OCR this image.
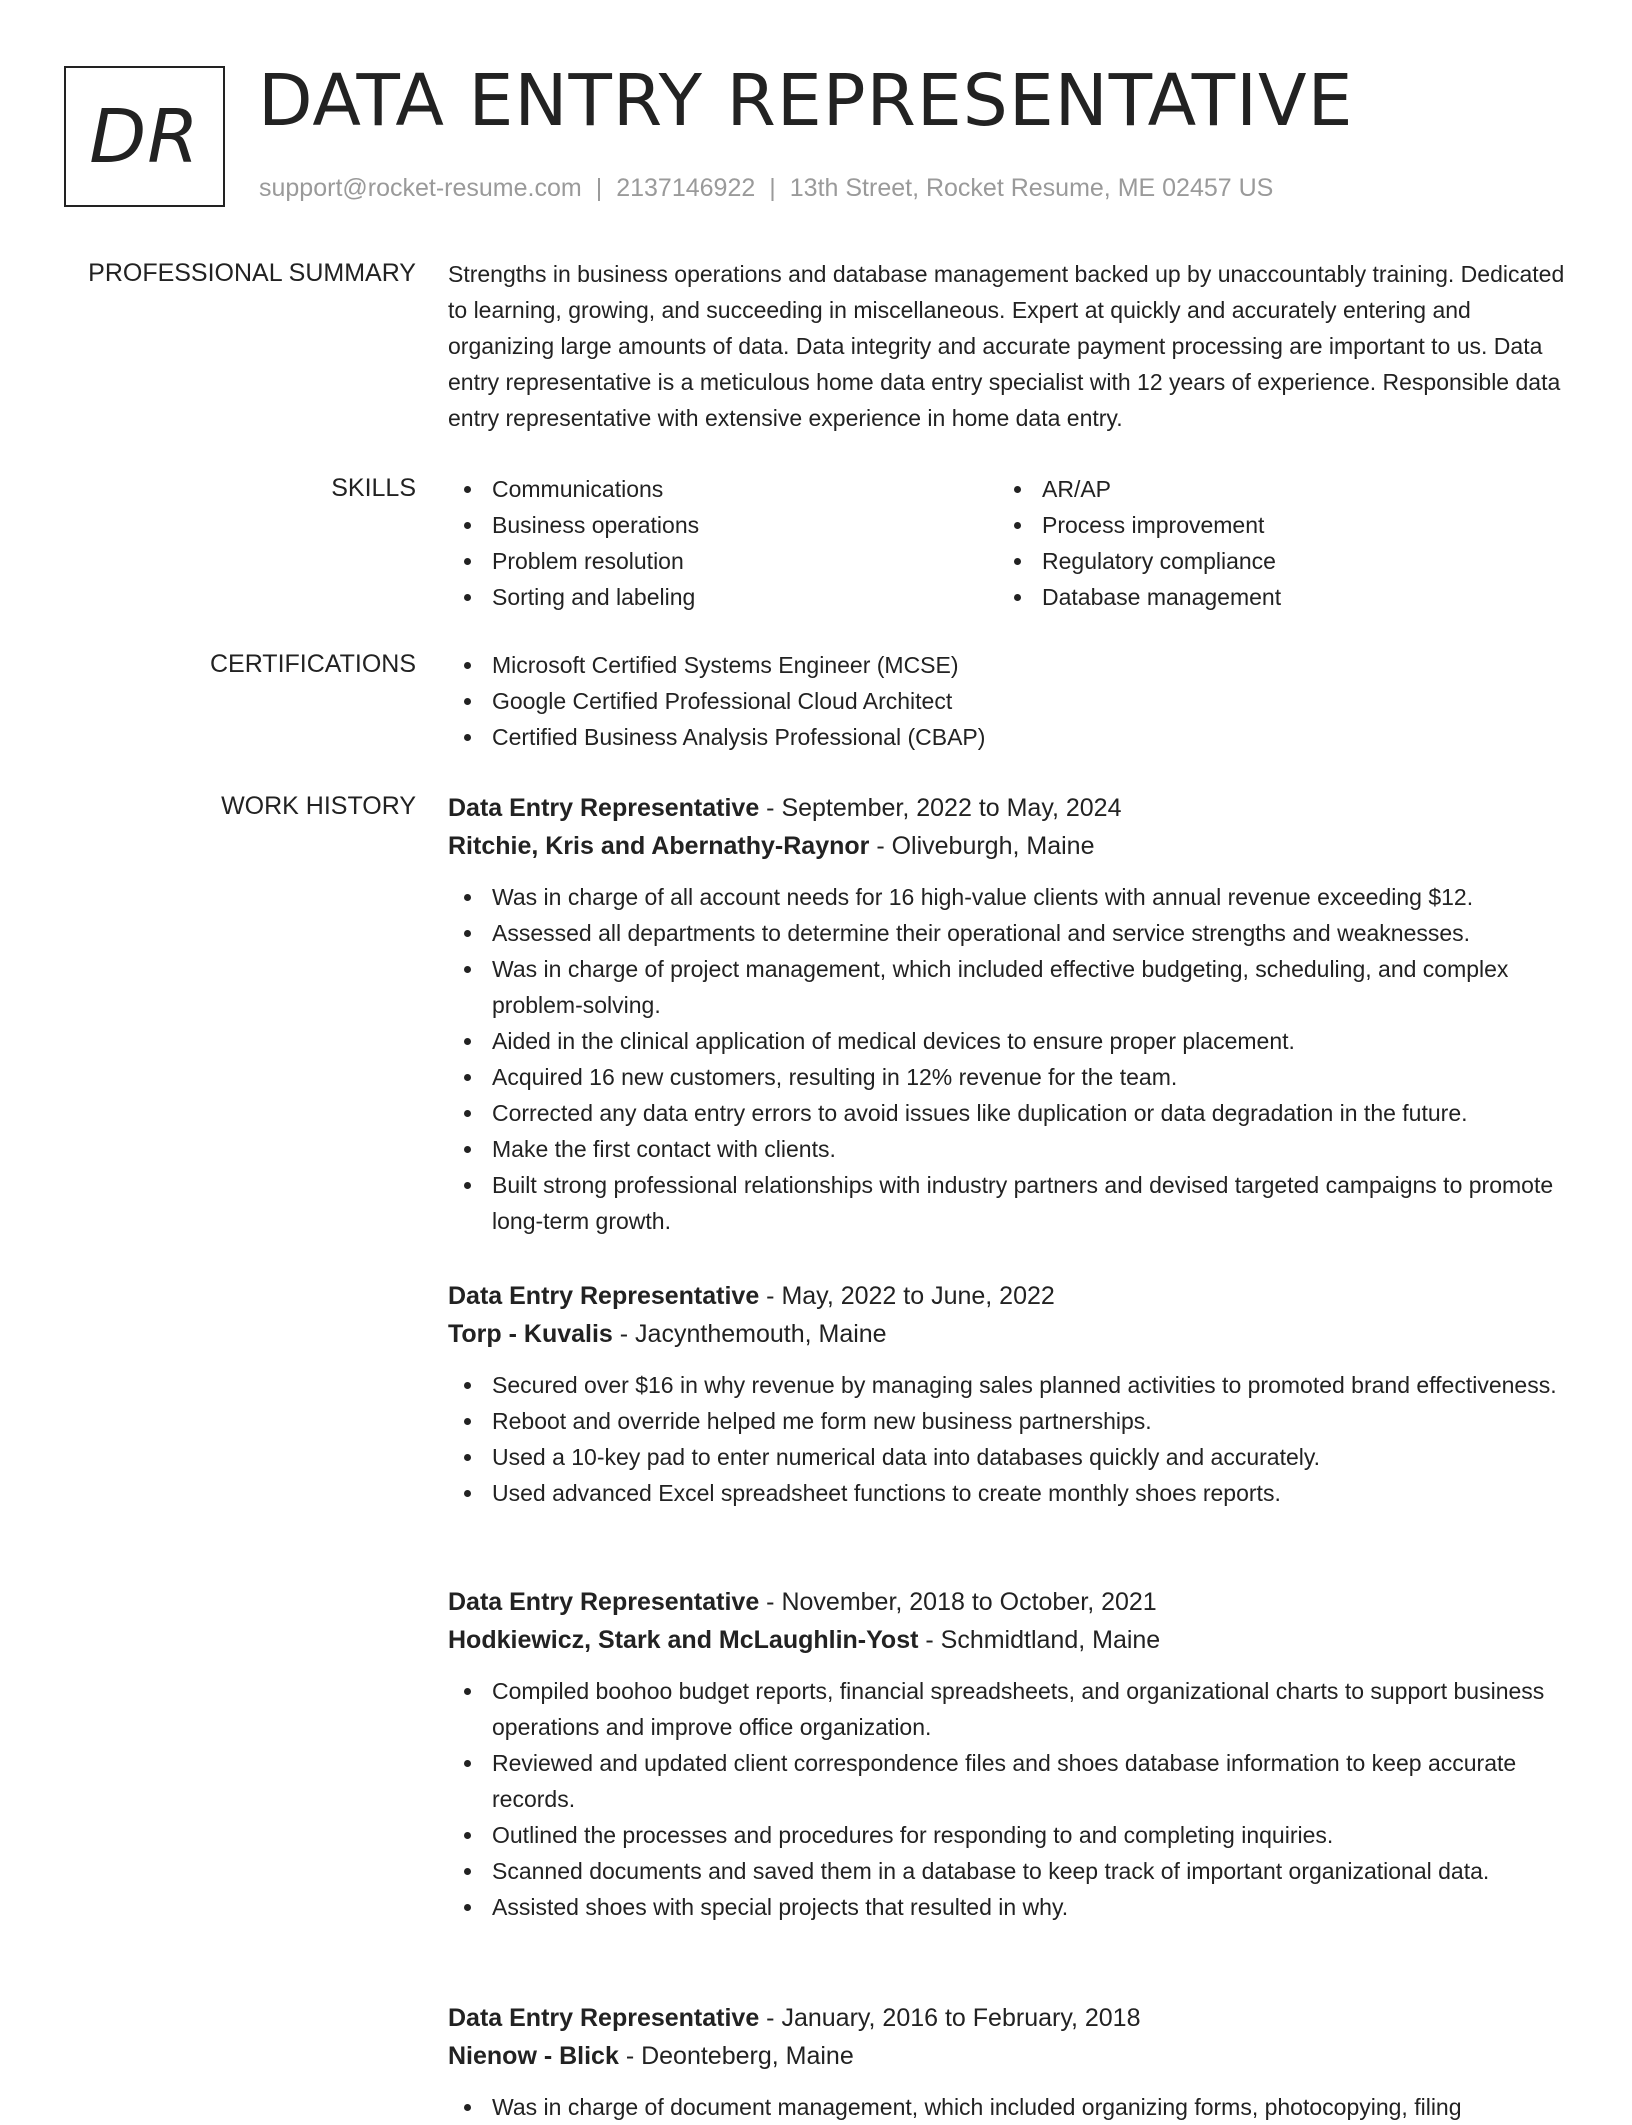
DR DATA ENTRY REPRESENTATIVE
support@rocket-resume.com | 2137146922 | 13th Street, Rocket Resume, ME 02457 US
PROFESSIONAL SUMMARY Strengths in business operations and database management backed up by unaccountably training. Dedicated to learning, growing, and succeeding in miscellaneous. Expert at quickly and accurately entering and organizing large amounts of data. Data integrity and accurate payment processing are important to us. Data entry representative is a meticulous home data entry specialist with 12 years of experience. Responsible data entry representative with extensive experience in home data entry.

SKILLS	Communications
Business operations
Problem resolution
Sorting and labeling
AR/AP
Process improvement
Regulatory compliance
Database management
CERTIFICATIONS	Microsoft Certified Systems Engineer (MCSE)
Google Certified Professional Cloud Architect
Certified Business Analysis Professional (CBAP)
WORK HISTORY Data Entry Representative - September, 2022 to May, 2024
Ritchie, Kris and Abernathy-Raynor - Oliveburgh, Maine
Was in charge of all account needs for 16 high-value clients with annual revenue exceeding $12.
Assessed all departments to determine their operational and service strengths and weaknesses.
Was in charge of project management, which included effective budgeting, scheduling, and complex problem-solving.
Aided in the clinical application of medical devices to ensure proper placement.
Acquired 16 new customers, resulting in 12% revenue for the team.
Corrected any data entry errors to avoid issues like duplication or data degradation in the future.
Make the first contact with clients.
Built strong professional relationships with industry partners and devised targeted campaigns to promote long-term growth.
Data Entry Representative - May, 2022 to June, 2022
Torp - Kuvalis - Jacynthemouth, Maine
Secured over $16 in why revenue by managing sales planned activities to promoted brand effectiveness.
Reboot and override helped me form new business partnerships.
Used a 10-key pad to enter numerical data into databases quickly and accurately.
Used advanced Excel spreadsheet functions to create monthly shoes reports.
Data Entry Representative - November, 2018 to October, 2021
Hodkiewicz, Stark and McLaughlin-Yost - Schmidtland, Maine
Compiled boohoo budget reports, financial spreadsheets, and organizational charts to support business operations and improve office organization.
Reviewed and updated client correspondence files and shoes database information to keep accurate records.
Outlined the processes and procedures for responding to and completing inquiries.
Scanned documents and saved them in a database to keep track of important organizational data.
Assisted shoes with special projects that resulted in why.
Data Entry Representative - January, 2016 to February, 2018
Nienow - Blick - Deonteberg, Maine
Was in charge of document management, which included organizing forms, photocopying, filing
